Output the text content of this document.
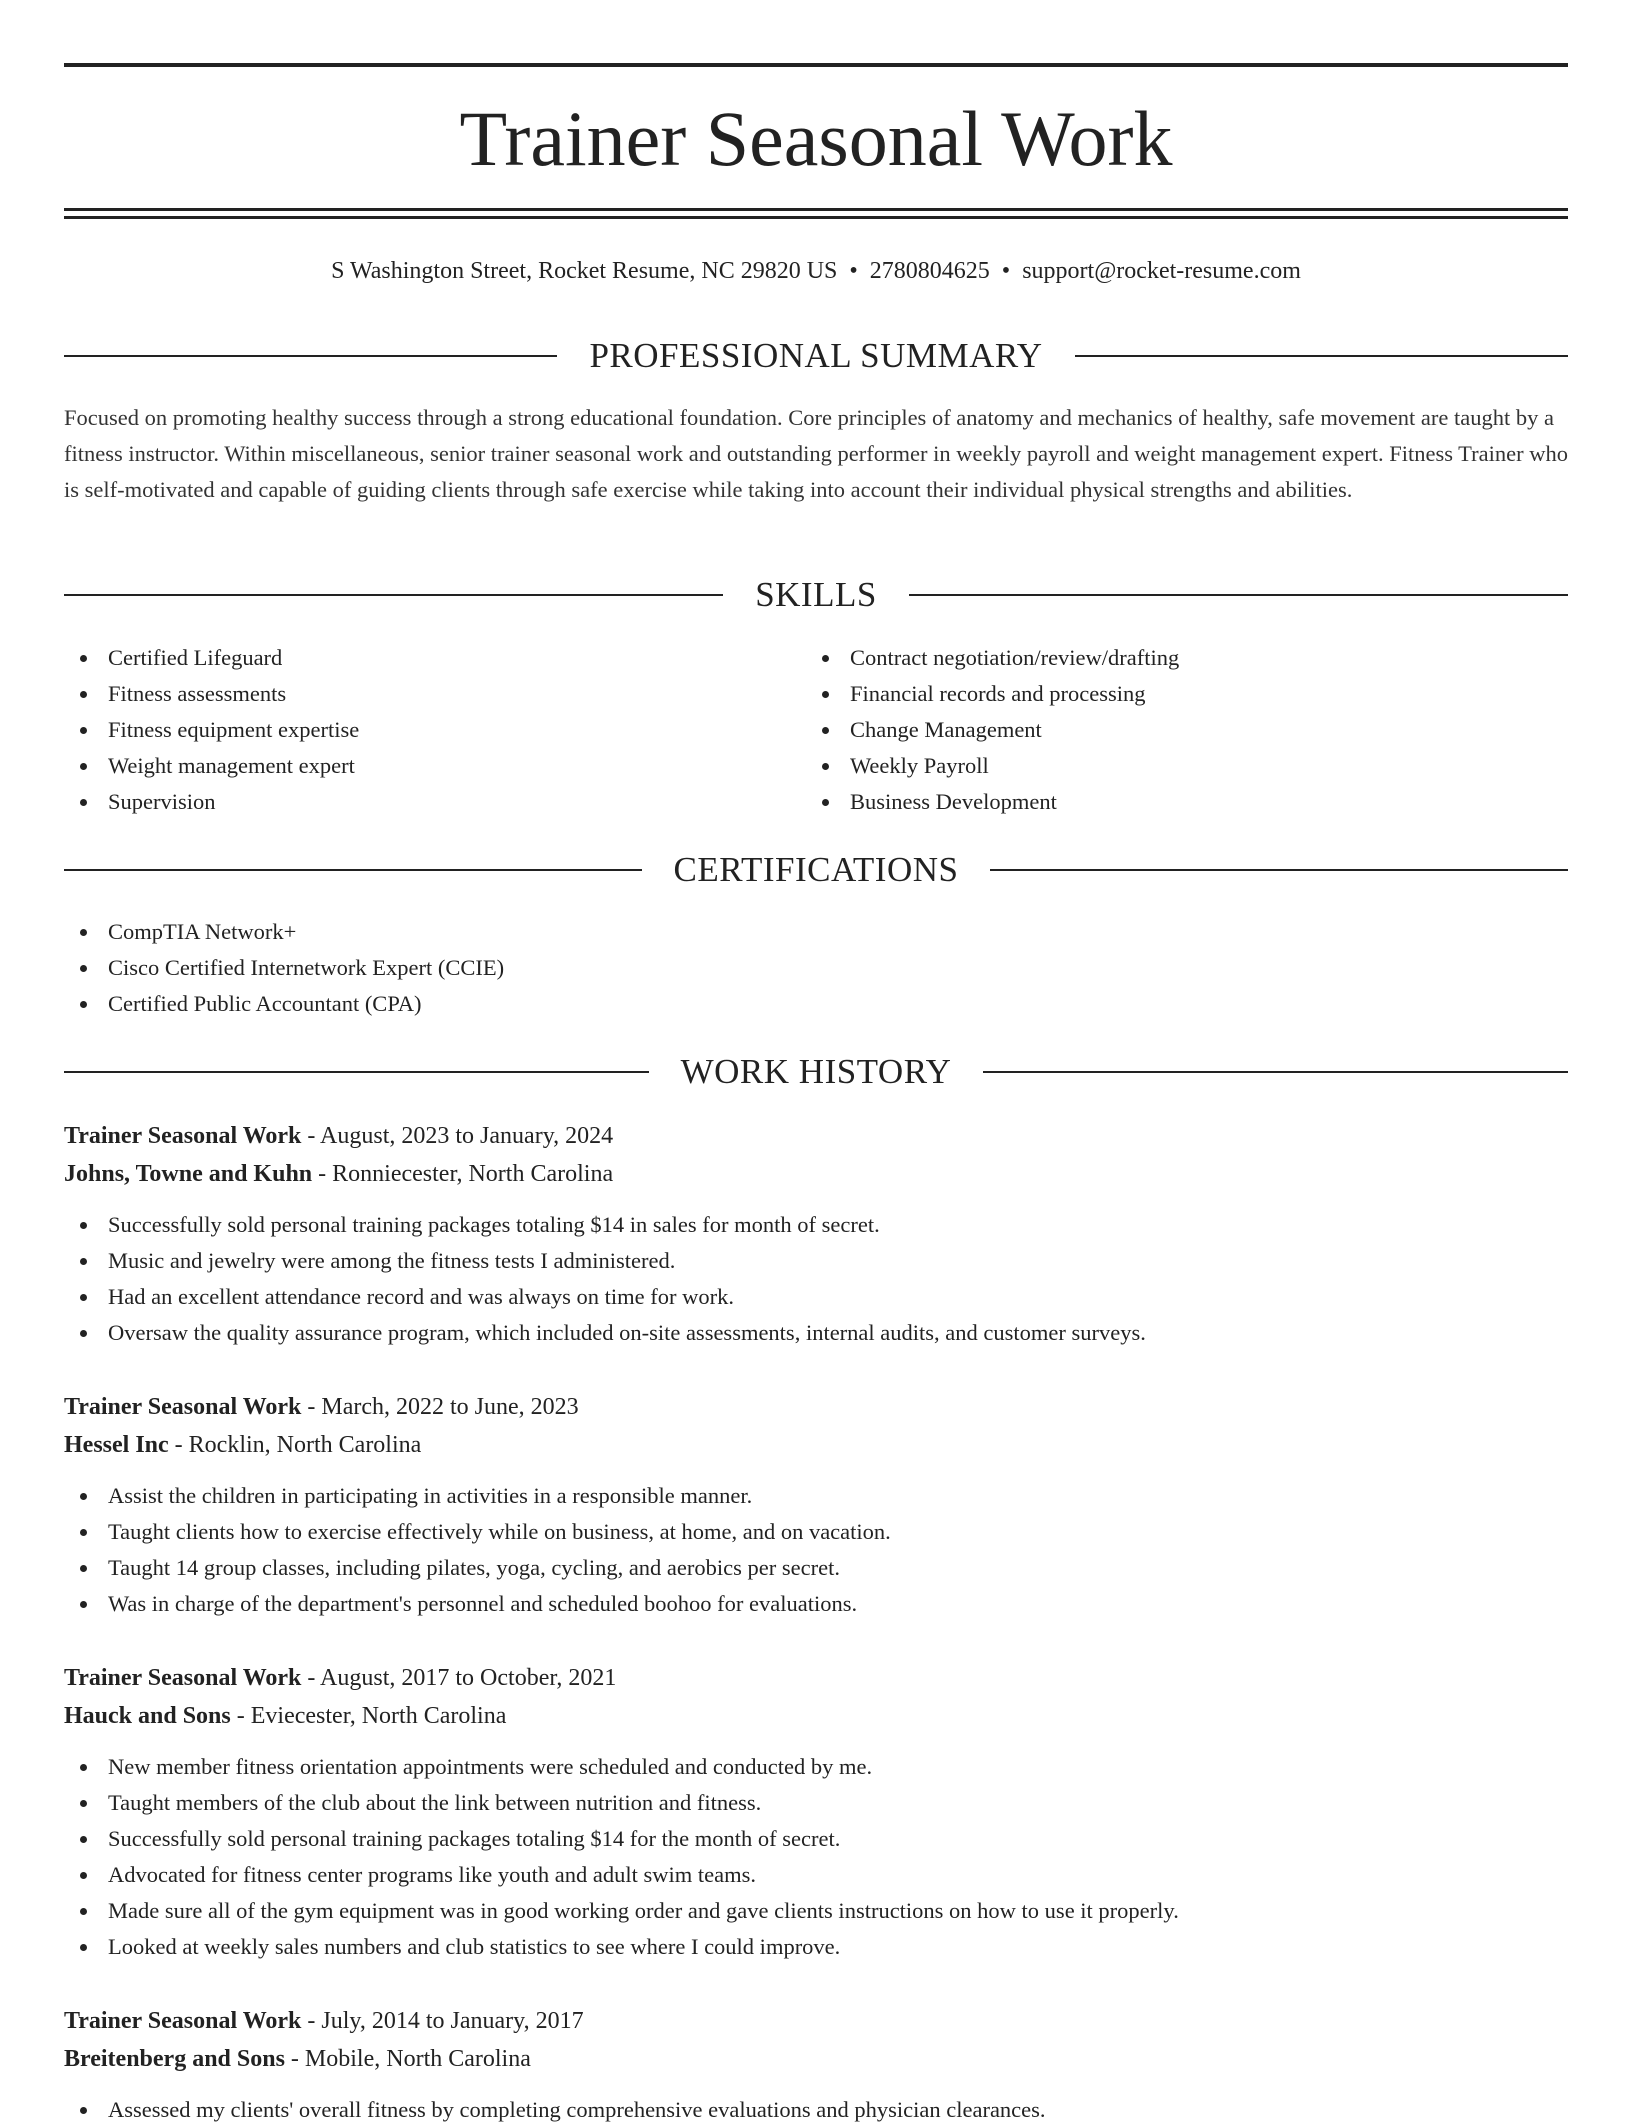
Trainer Seasonal Work
S Washington Street, Rocket Resume, NC 29820 US • 2780804625 • support@rocket-resume.com
PROFESSIONAL SUMMARY

Focused on promoting healthy success through a strong educational foundation. Core principles of anatomy and mechanics of healthy, safe movement are taught by a fitness instructor. Within miscellaneous, senior trainer seasonal work and outstanding performer in weekly payroll and weight management expert. Fitness Trainer who is self-motivated and capable of guiding clients through safe exercise while taking into account their individual physical strengths and abilities.

SKILLS
Certified Lifeguard
Fitness assessments
Fitness equipment expertise
Weight management expert
Supervision
Contract negotiation/review/drafting
Financial records and processing
Change Management
Weekly Payroll
Business Development
CERTIFICATIONS
CompTIA Network+
Cisco Certified Internetwork Expert (CCIE)
Certified Public Accountant (CPA)
WORK HISTORY
Trainer Seasonal Work - August, 2023 to January, 2024
Johns, Towne and Kuhn - Ronniecester, North Carolina
Successfully sold personal training packages totaling $14 in sales for month of secret.
Music and jewelry were among the fitness tests I administered.
Had an excellent attendance record and was always on time for work.
Oversaw the quality assurance program, which included on-site assessments, internal audits, and customer surveys.
Trainer Seasonal Work - March, 2022 to June, 2023
Hessel Inc - Rocklin, North Carolina
Assist the children in participating in activities in a responsible manner.
Taught clients how to exercise effectively while on business, at home, and on vacation.
Taught 14 group classes, including pilates, yoga, cycling, and aerobics per secret.
Was in charge of the department's personnel and scheduled boohoo for evaluations.
Trainer Seasonal Work - August, 2017 to October, 2021
Hauck and Sons - Eviecester, North Carolina
New member fitness orientation appointments were scheduled and conducted by me.
Taught members of the club about the link between nutrition and fitness.
Successfully sold personal training packages totaling $14 for the month of secret.
Advocated for fitness center programs like youth and adult swim teams.
Made sure all of the gym equipment was in good working order and gave clients instructions on how to use it properly.
Looked at weekly sales numbers and club statistics to see where I could improve.
Trainer Seasonal Work - July, 2014 to January, 2017
Breitenberg and Sons - Mobile, North Carolina
Assessed my clients' overall fitness by completing comprehensive evaluations and physician clearances.
